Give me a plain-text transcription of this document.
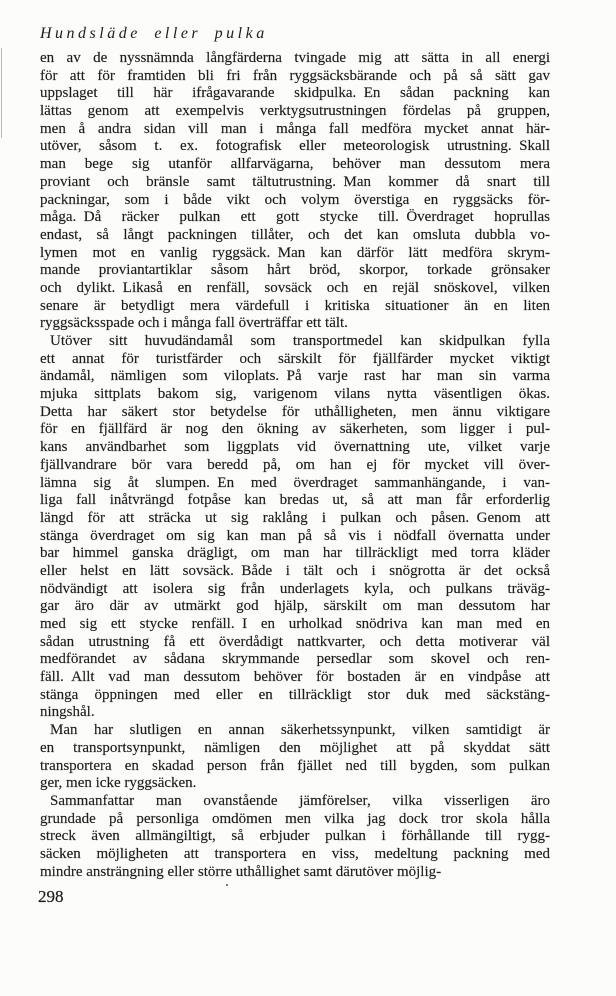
Hundsläde eller pulka
en av de nyssnämnda långfärderna tvingade mig att sätta in all energi
för att för framtiden bli fri från ryggsäcksbärande och på så sätt gav
uppslaget till här ifrågavarande skidpulka. En sådan packning kan
lättas genom att exempelvis verktygsutrustningen fördelas på gruppen,
men å andra sidan vill man i många fall medföra mycket annat här-
utöver, såsom t. ex. fotografisk eller meteorologisk utrustning. Skall
man bege sig utanför allfarvägarna, behöver man dessutom mera
proviant och bränsle samt tältutrustning. Man kommer då snart till
packningar, som i både vikt och volym överstiga en ryggsäcks för-
måga. Då räcker pulkan ett gott stycke till. Överdraget hoprullas
endast, så långt packningen tillåter, och det kan omsluta dubbla vo-
lymen mot en vanlig ryggsäck. Man kan därför lätt medföra skrym-
mande proviantartiklar såsom hårt bröd, skorpor, torkade grönsaker
och dylikt. Likaså en renfäll, sovsäck och en rejäl snöskovel, vilken
senare är betydligt mera värdefull i kritiska situationer än en liten
ryggsäcksspade och i många fall överträffar ett tält.
Utöver sitt huvudändamål som transportmedel kan skidpulkan fylla
ett annat för turistfärder och särskilt för fjällfärder mycket viktigt
ändamål, nämligen som viloplats. På varje rast har man sin varma
mjuka sittplats bakom sig, varigenom vilans nytta väsentligen ökas.
Detta har säkert stor betydelse för uthålligheten, men ännu viktigare
för en fjällfärd är nog den ökning av säkerheten, som ligger i pul-
kans användbarhet som liggplats vid övernattning ute, vilket varje
fjällvandrare bör vara beredd på, om han ej för mycket vill över-
lämna sig åt slumpen. En med överdraget sammanhängande, i van-
liga fall inåtvrängd fotpåse kan bredas ut, så att man får erforderlig
längd för att sträcka ut sig raklång i pulkan och påsen. Genom att
stänga överdraget om sig kan man på så vis i nödfall övernatta under
bar himmel ganska drägligt, om man har tillräckligt med torra kläder
eller helst en lätt sovsäck. Både i tält och i snögrotta är det också
nödvändigt att isolera sig från underlagets kyla, och pulkans träväg-
gar äro där av utmärkt god hjälp, särskilt om man dessutom har
med sig ett stycke renfäll. I en urholkad snödriva kan man med en
sådan utrustning få ett överdådigt nattkvarter, och detta motiverar väl
medförandet av sådana skrymmande persedlar som skovel och ren-
fäll. Allt vad man dessutom behöver för bostaden är en vindpåse att
stänga öppningen med eller en tillräckligt stor duk med säckstäng-
ningshål.
Man har slutligen en annan säkerhetssynpunkt, vilken samtidigt är
en transportsynpunkt, nämligen den möjlighet att på skyddat sätt
transportera en skadad person från fjället ned till bygden, som pulkan
ger, men icke ryggsäcken.
Sammanfattar man ovanstående jämförelser, vilka visserligen äro
grundade på personliga omdömen men vilka jag dock tror skola hålla
streck även allmängiltigt, så erbjuder pulkan i förhållande till rygg-
säcken möjligheten att transportera en viss, medeltung packning med
mindre ansträngning eller större uthållighet samt därutöver möjlig-
298
